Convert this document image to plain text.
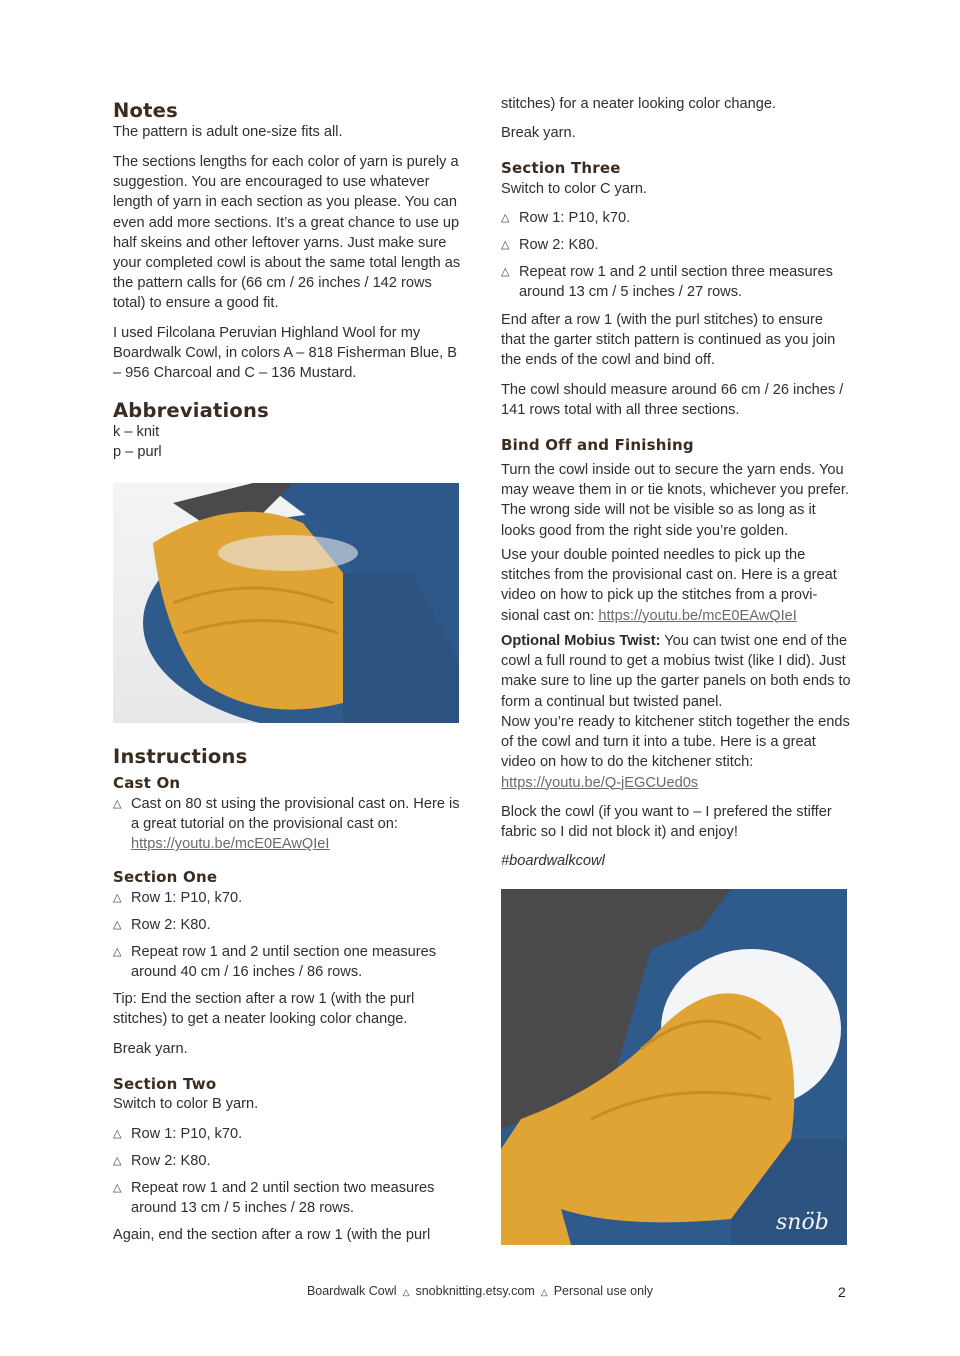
Notes

The pattern is adult one-size fits all.

The sections lengths for each color of yarn is purely a suggestion. You are encouraged to use whatever length of yarn in each section as you please. You can even add more sections. It’s a great chance to use up half skeins and other leftover yarns. Just make sure your completed cowl is about the same total length as the pattern calls for (66 cm / 26 inches / 142 rows total) to ensure a good fit.

I used Filcolana Peruvian Highland Wool for my Boardwalk Cowl, in colors A – 818 Fisherman Blue, B – 956 Charcoal and C – 136 Mustard.

Abbreviations

k – knit

p – purl

Instructions
Cast On
△ Cast on 80 st using the provisional cast on. Here is a great tutorial on the provisional cast on:
https://youtu.be/mcE0EAwQIeI
Section One
△ Row 1: P10, k70.
△ Row 2: K80.
△ Repeat row 1 and 2 until section one measures around 40 cm / 16 inches / 86 rows.

Tip: End the section after a row 1 (with the purl stitches) to get a neater looking color change.

Break yarn.

Section Two

Switch to color B yarn.

△ Row 1: P10, k70.
△ Row 2: K80.
△ Repeat row 1 and 2 until section two measures around 13 cm / 5 inches / 28 rows.

Again, end the section after a row 1 (with the purl

stitches) for a neater looking color change.

Break yarn.

Section Three

Switch to color C yarn.

△ Row 1: P10, k70.
△ Row 2: K80.
△ Repeat row 1 and 2 until section three measures around 13 cm / 5 inches / 27 rows.

End after a row 1 (with the purl stitches) to ensure that the garter stitch pattern is continued as you join the ends of the cowl and bind off.

The cowl should measure around 66 cm / 26 inches / 141 rows total with all three sections.

Bind Off and Finishing

Turn the cowl inside out to secure the yarn ends. You may weave them in or tie knots, whichever you prefer. The wrong side will not be visible so as long as it looks good from the right side you’re golden.

Use your double pointed needles to pick up the stitches from the provisional cast on. Here is a great video on how to pick up the stitches from a provi-sional cast on: https://youtu.be/mcE0EAwQIeI

Optional Mobius Twist: You can twist one end of the cowl a full round to get a mobius twist (like I did). Just make sure to line up the garter panels on both ends to form a continual but twisted panel.

Now you’re ready to kitchener stitch together the ends of the cowl and turn it into a tube. Here is a great video on how to do the kitchener stitch:
https://youtu.be/Q-jEGCUed0s

Block the cowl (if you want to – I prefered the stiffer fabric so I did not block it) and enjoy!

#boardwalkcowl

snöb
Boardwalk Cowl △ snobknitting.etsy.com △ Personal use only	2
